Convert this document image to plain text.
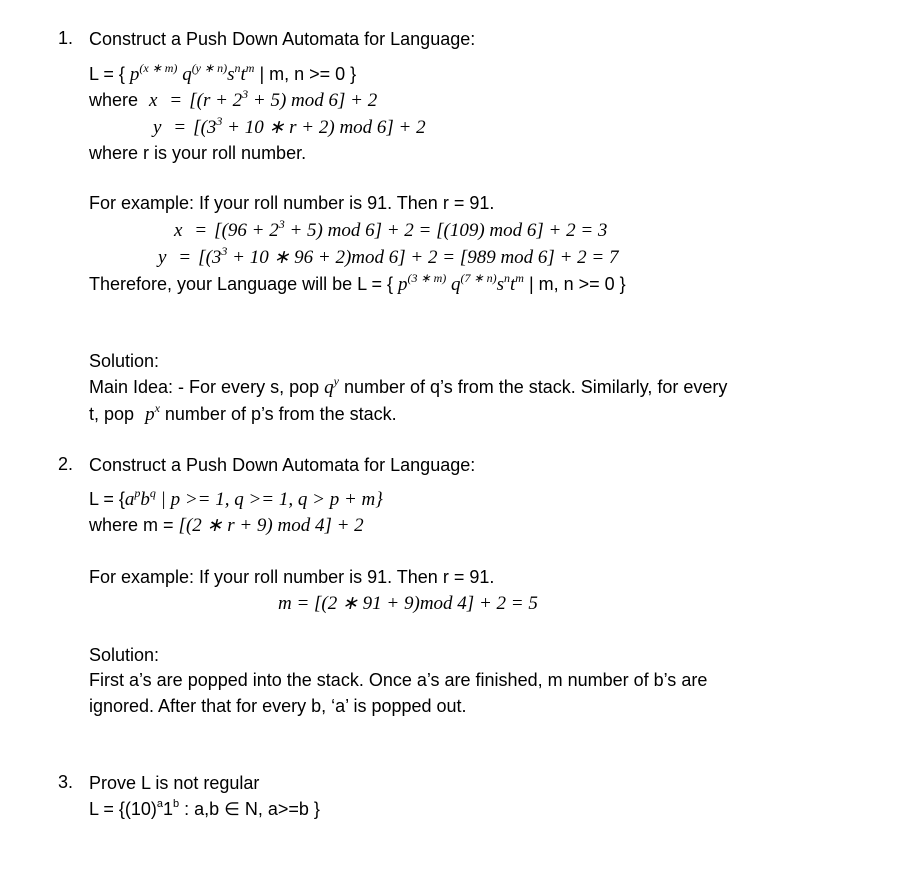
1. Construct a Push Down Automata for Language:
L = { $p^{(x ∗ m)}$ $q^{(y ∗ n)}s^nt^m$ | m, n >= 0 }
where $x = [(r + 2^3 + 5)$ mod 6] + 2
$y = [(3^3 + 10$ ∗ r + 2) mod 6] + 2
where r is your roll number.
For example: If your roll number is 91. Then r = 91.
$x = [(96 + 2^3 + 5)$ mod 6] + 2 = [(109) mod 6] + 2 = 3
$y = [(3^3 + 10$ ∗ 96 + 2)mod 6] + 2 = [989 mod 6] + 2 = 7
Therefore, your Language will be L = { $p^{(3 ∗ m)}$ $q^{(7 ∗ n)}s^nt^m$ | m, n >= 0 }
Solution:
Main Idea: - For every s, pop $q^y$ number of q’s from the stack. Similarly, for every
t, pop $p^x$ number of p’s from the stack.
2. Construct a Push Down Automata for Language:
$L = \{a^pb^q$ | p >= 1, q >= 1, q > p + m}
where m = [(2 ∗ r + 9) mod 4] + 2
For example: If your roll number is 91. Then r = 91.
m = [(2 ∗ 91 + 9)mod 4] + 2 = 5
Solution:
First a’s are popped into the stack. Once a’s are finished, m number of b’s are
ignored. After that for every b, ‘a’ is popped out.
3. Prove L is not regular
$L = \{(10)^a1^b$ : a,b ∈ N, a>=b }
